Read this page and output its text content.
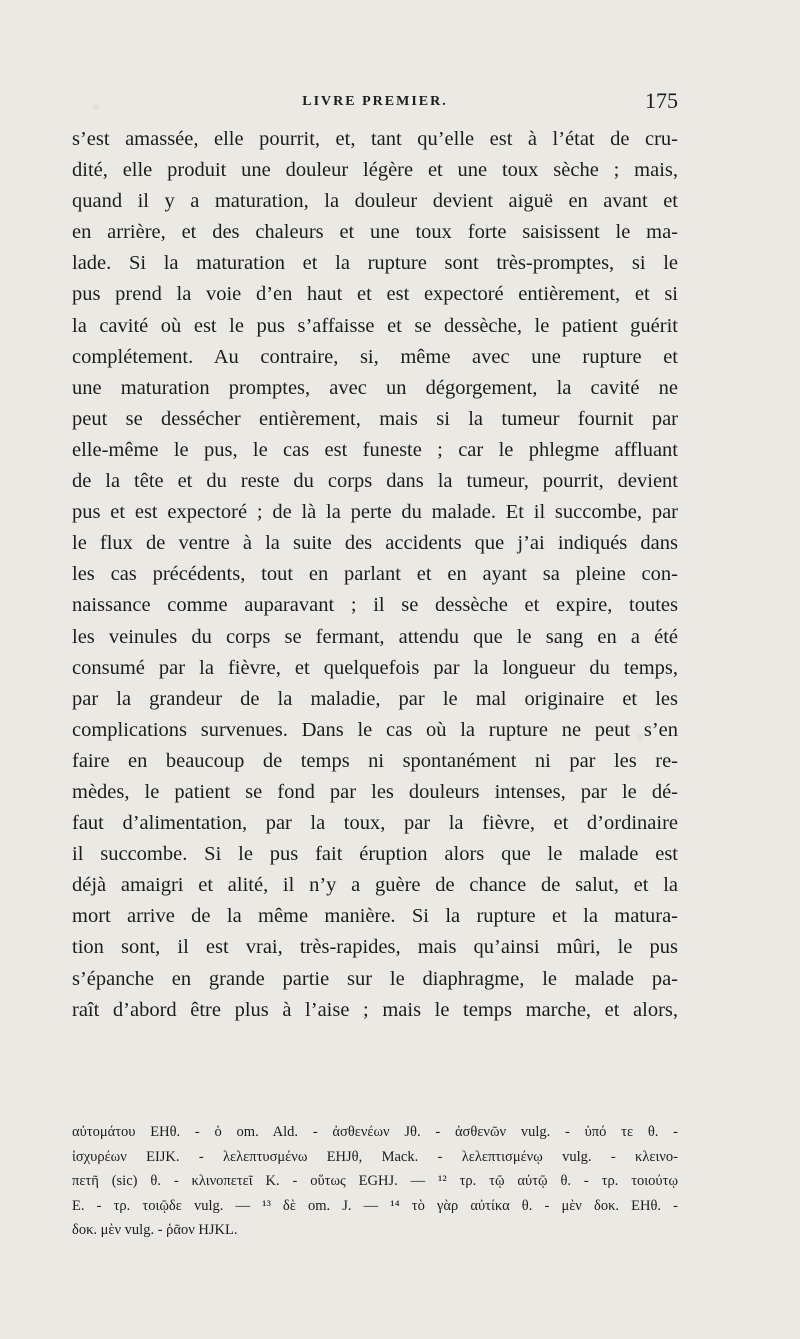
LIVRE PREMIER.	175
s’est amassée, elle pourrit, et, tant qu’elle est à l’état de cru-
dité, elle produit une douleur légère et une toux sèche ; mais,
quand il y a maturation, la douleur devient aiguë en avant et
en arrière, et des chaleurs et une toux forte saisissent le ma-
lade. Si la maturation et la rupture sont très-promptes, si le
pus prend la voie d’en haut et est expectoré entièrement, et si
la cavité où est le pus s’affaisse et se dessèche, le patient guérit
complétement. Au contraire, si, même avec une rupture et
une maturation promptes, avec un dégorgement, la cavité ne
peut se dessécher entièrement, mais si la tumeur fournit par
elle-même le pus, le cas est funeste ; car le phlegme affluant
de la tête et du reste du corps dans la tumeur, pourrit, devient
pus et est expectoré ; de là la perte du malade. Et il succombe, par
le flux de ventre à la suite des accidents que j’ai indiqués dans
les cas précédents, tout en parlant et en ayant sa pleine con-
naissance comme auparavant ; il se dessèche et expire, toutes
les veinules du corps se fermant, attendu que le sang en a été
consumé par la fièvre, et quelquefois par la longueur du temps,
par la grandeur de la maladie, par le mal originaire et les
complications survenues. Dans le cas où la rupture ne peut s’en
faire en beaucoup de temps ni spontanément ni par les re-
mèdes, le patient se fond par les douleurs intenses, par le dé-
faut d’alimentation, par la toux, par la fièvre, et d’ordinaire
il succombe. Si le pus fait éruption alors que le malade est
déjà amaigri et alité, il n’y a guère de chance de salut, et la
mort arrive de la même manière. Si la rupture et la matura-
tion sont, il est vrai, très-rapides, mais qu’ainsi mûri, le pus
s’épanche en grande partie sur le diaphragme, le malade pa-
raît d’abord être plus à l’aise ; mais le temps marche, et alors,
αὐτομάτου EHθ. - ὁ om. Ald. - ἀσθενέων Jθ. - ἀσθενῶν vulg. - ὑπό τε θ. -
ἰσχυρέων EIJK. - λελεπτυσμένω EHJθ, Mack. - λελεπτισμένῳ vulg. - κλεινο-
πετῆ (sic) θ. - κλινοπετεῖ K. - οὕτως EGHJ. — ¹² τρ. τῷ αὐτῷ θ. - τρ. τοιούτῳ
E. - τρ. τοιῷδε vulg. — ¹³ δὲ om. J. — ¹⁴ τὸ γὰρ αὐτίκα θ. - μὲν δοκ. EHθ. -
δοκ. μὲν vulg. - ῥᾶον HJKL.
